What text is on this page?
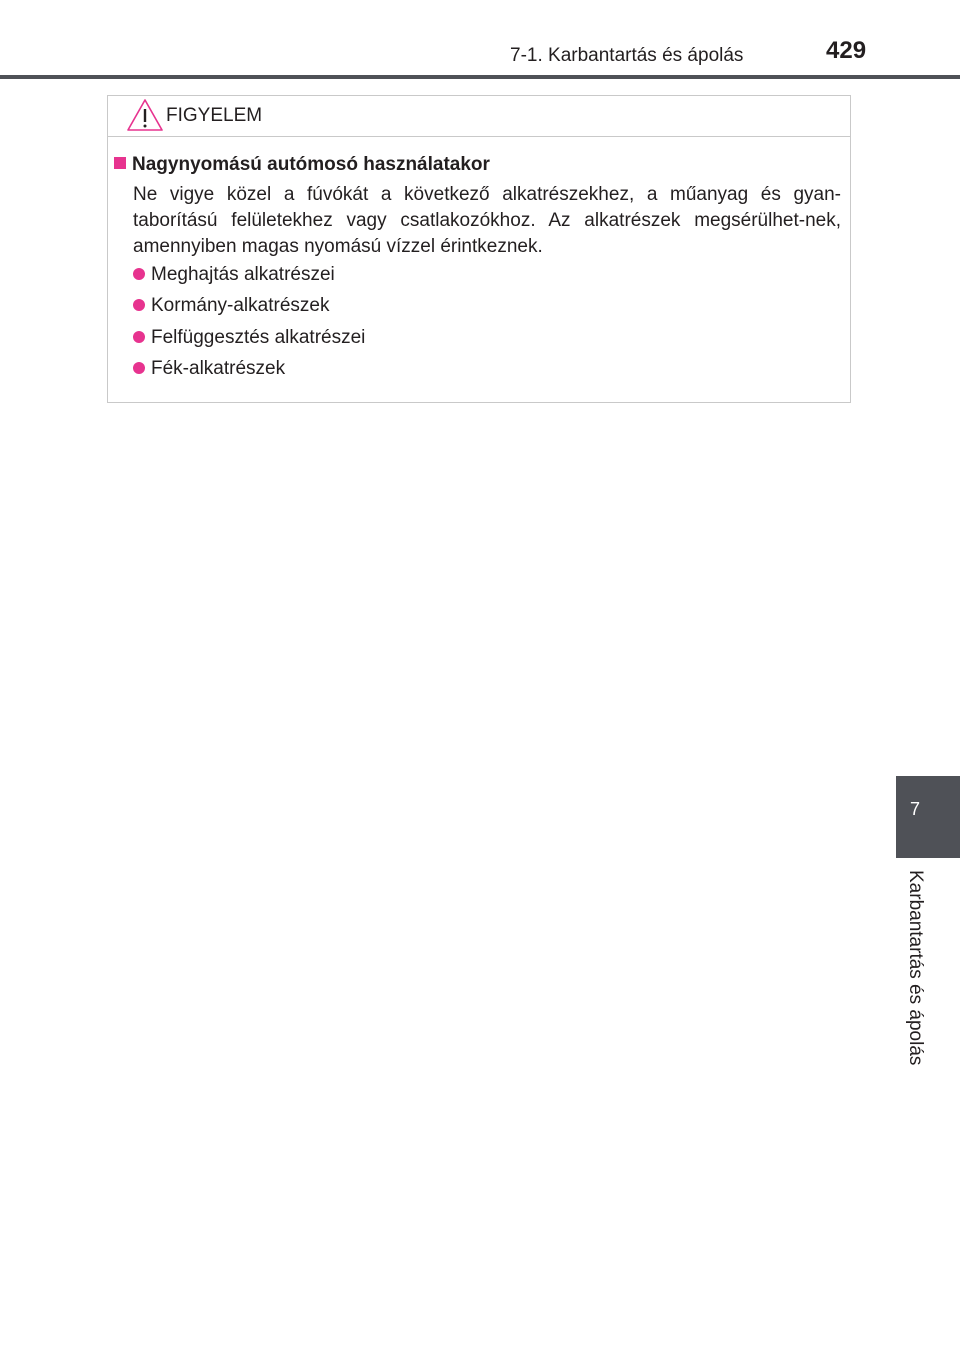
7-1. Karbantartás és ápolás	429
FIGYELEM
Nagynyomású autómosó használatakor
Ne vigye közel a fúvókát a következő alkatrészekhez, a műanyag és gyan-taborítású felületekhez vagy csatlakozókhoz. Az alkatrészek megsérülhet-nek, amennyiben magas nyomású vízzel érintkeznek.
Meghajtás alkatrészei
Kormány-alkatrészek
Felfüggesztés alkatrészei
Fék-alkatrészek
7
Karbantartás és ápolás
